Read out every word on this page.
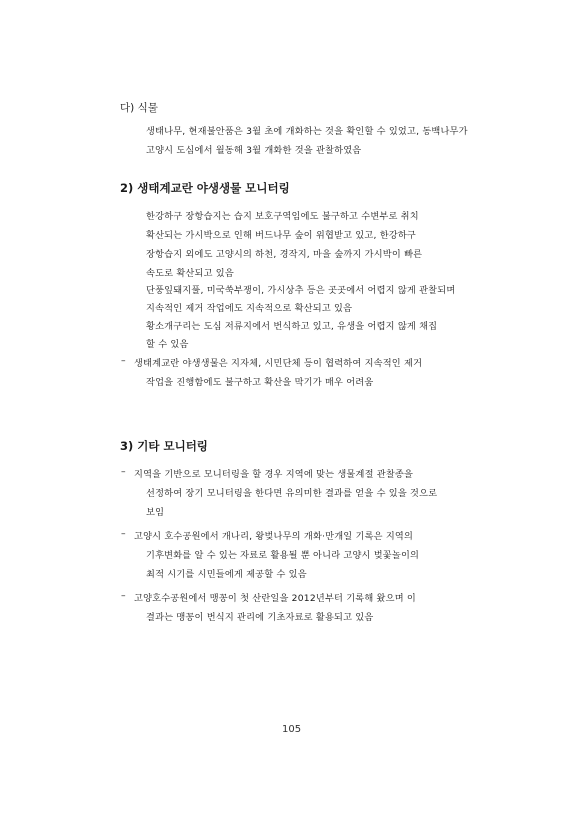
다) 식물
생태나무, 현재불안품은 3월 초에 개화하는 것을 확인할 수 있었고, 동백나무가
고양시 도심에서 월동해 3월 개화한 것을 관찰하였음
2) 생태계교란 야생생물 모니터링
한강하구 장항습지는 습지 보호구역임에도 불구하고 수변부로 취치
확산되는 가시박으로 인해 버드나무 숲이 위협받고 있고, 한강하구
장항습지 외에도 고양시의 하천, 경작지, 마을 숲까지 가시박이 빠른
속도로 확산되고 있음
단풍잎돼지풀, 미국쑥부쟁이, 가시상추 등은 곳곳에서 어렵지 않게 관찰되며
지속적인 제거 작업에도 지속적으로 확산되고 있음
황소개구리는 도심 저류지에서 번식하고 있고, 유생을 어렵지 않게 채집
할 수 있음
– 생태계교란 야생생물은 지자체, 시민단체 등이 협력하여 지속적인 제거
작업을 진행함에도 불구하고 확산을 막기가 매우 어려움
3) 기타 모니터링
– 지역을 기반으로 모니터링을 할 경우 지역에 맞는 생물계절 관찰종을
선정하여 장기 모니터링을 한다면 유의미한 결과를 얻을 수 있을 것으로
보임
– 고양시 호수공원에서 개나리, 왕벚나무의 개화·만개일 기록은 지역의
기후변화를 알 수 있는 자료로 활용될 뿐 아니라 고양시 벚꽃놀이의
최적 시기를 시민들에게 제공할 수 있음
– 고양호수공원에서 맹꽁이 첫 산란일을 2012년부터 기록해 왔으며 이
결과는 맹꽁이 번식지 관리에 기초자료로 활용되고 있음
105
